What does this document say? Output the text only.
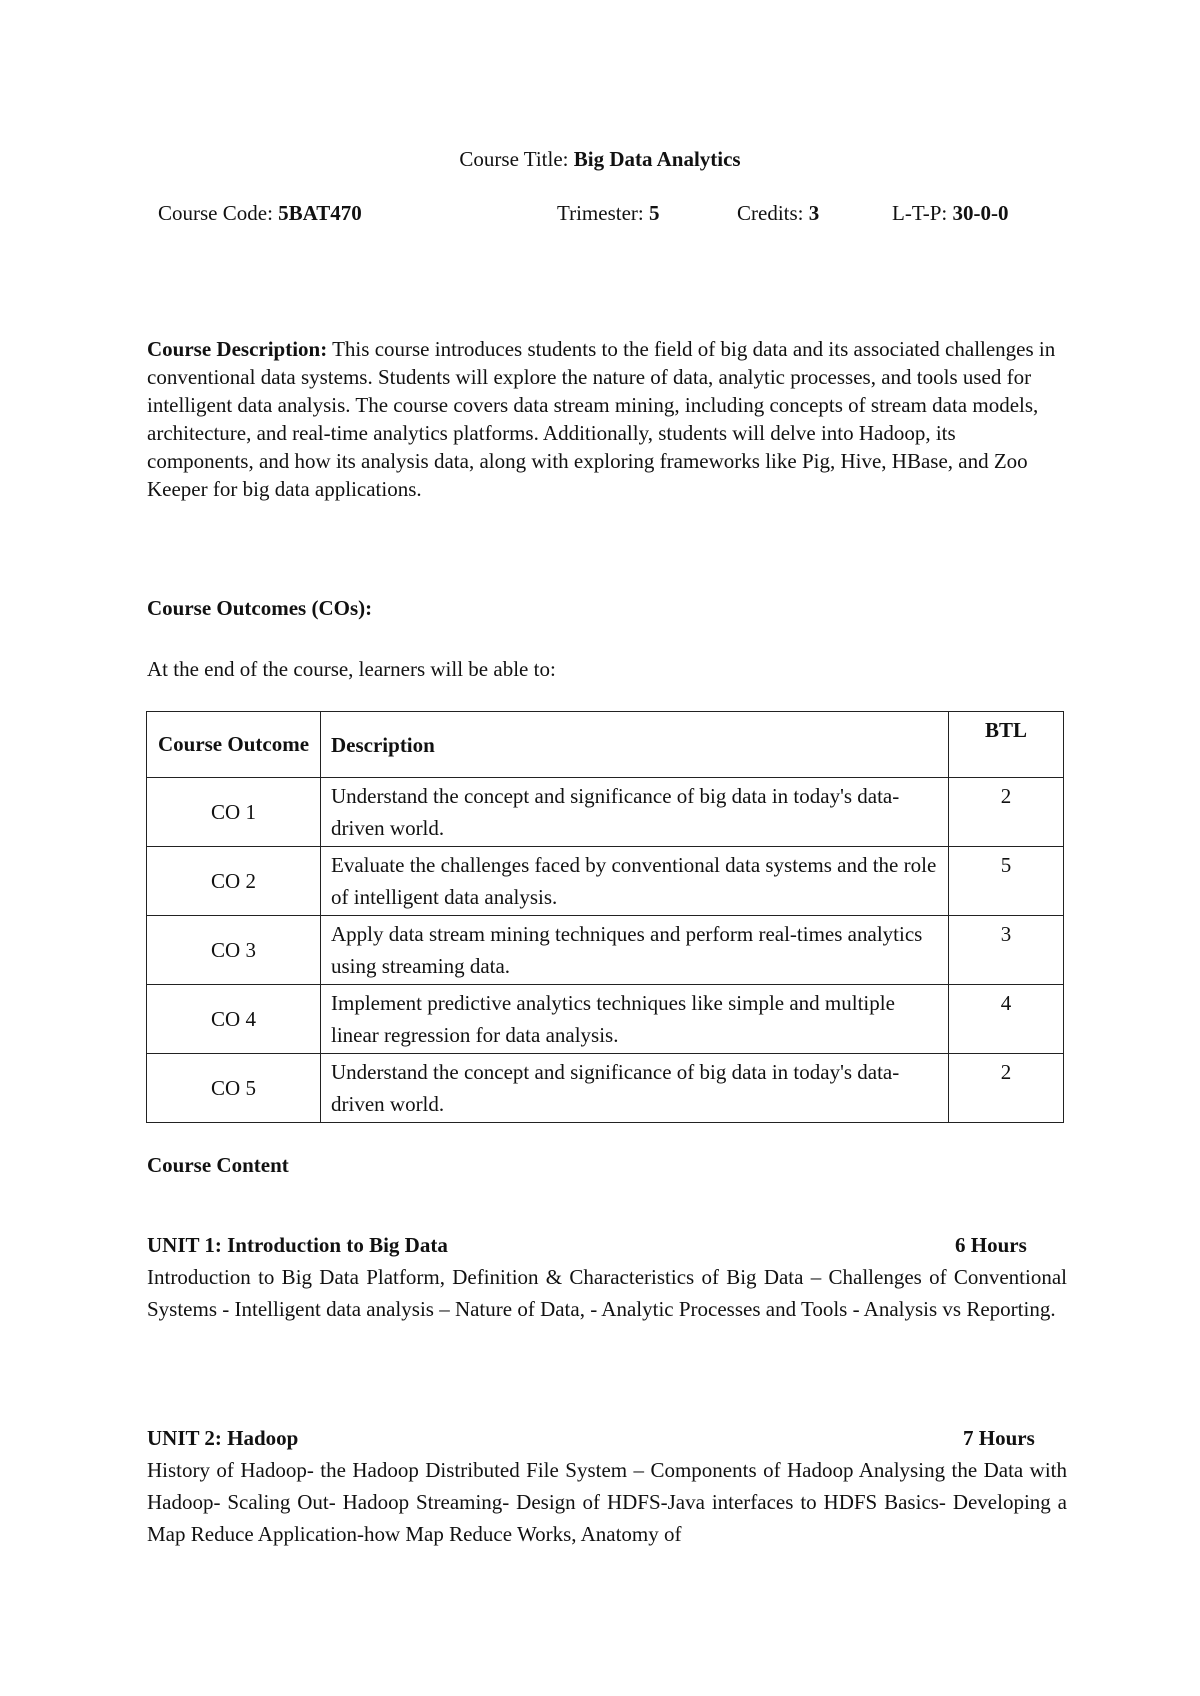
Course Title: Big Data Analytics
Course Code: 5BAT470	Trimester: 5	Credits: 3	L-T-P: 30-0-0
Course Description: This course introduces students to the field of big data and its associated challenges in conventional data systems. Students will explore the nature of data, analytic processes, and tools used for intelligent data analysis. The course covers data stream mining, including concepts of stream data models, architecture, and real-time analytics platforms. Additionally, students will delve into Hadoop, its components, and how its analysis data, along with exploring frameworks like Pig, Hive, HBase, and Zoo Keeper for big data applications.
Course Outcomes (COs):
At the end of the course, learners will be able to:
Course Outcome	Description	BTL
CO 1	Understand the concept and significance of big data in today's data-driven world.	2
CO 2	Evaluate the challenges faced by conventional data systems and the role of intelligent data analysis.	5
CO 3	Apply data stream mining techniques and perform real-times analytics using streaming data.	3
CO 4	Implement predictive analytics techniques like simple and multiple linear regression for data analysis.	4
CO 5	Understand the concept and significance of big data in today's data-driven world.	2
Course Content
UNIT 1: Introduction to Big Data	6 Hours
Introduction to Big Data Platform, Definition & Characteristics of Big Data – Challenges of Conventional Systems - Intelligent data analysis – Nature of Data, - Analytic Processes and Tools - Analysis vs Reporting.
UNIT 2: Hadoop	7 Hours
History of Hadoop- the Hadoop Distributed File System – Components of Hadoop Analysing the Data with Hadoop- Scaling Out- Hadoop Streaming- Design of HDFS-Java interfaces to HDFS Basics- Developing a Map Reduce Application-how Map Reduce Works, Anatomy of
